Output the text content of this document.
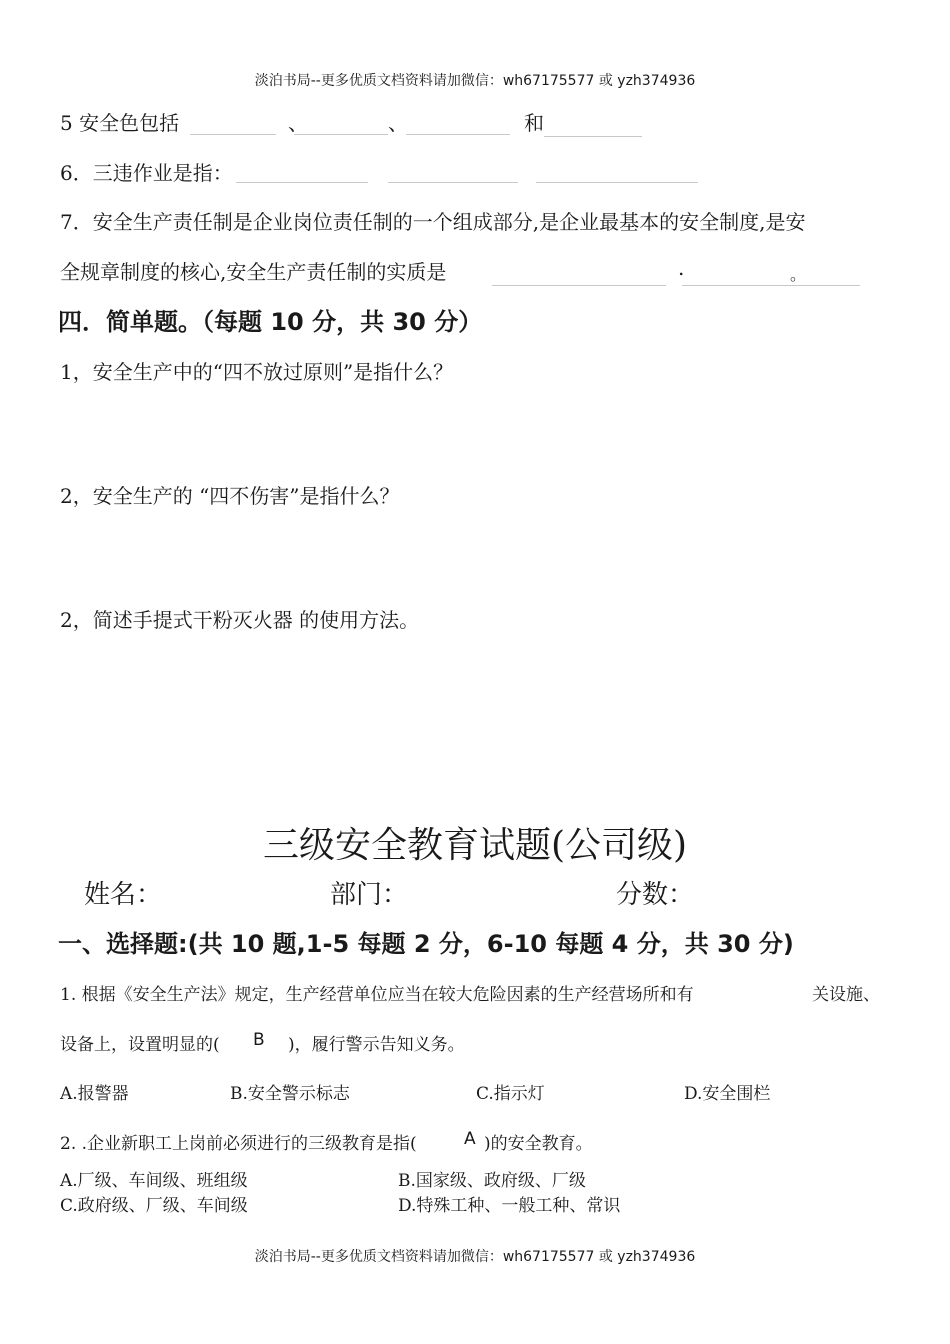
淡泊书局--更多优质文档资料请加微信：wh67175577 或 yzh374936
5 安全色包括	、	、	和
6．三违作业是指：
7．安全生产责任制是企业岗位责任制的一个组成部分,是企业最基本的安全制度,是安
全规章制度的核心,安全生产责任制的实质是	.	。
四．简单题。（每题 10 分，共 30 分）
1，安全生产中的“四不放过原则”是指什么？
2，安全生产的 “四不伤害”是指什么？
2，简述手提式干粉灭火器 的使用方法。
三级安全教育试题(公司级)
姓名：	部门：	分数：
一、选择题:(共 10 题,1-5 每题 2 分，6-10 每题 4 分，共 30 分)
1. 根据《安全生产法》规定，生产经营单位应当在较大危险因素的生产经营场所和有	关设施、
设备上，设置明显的( B )，履行警示告知义务。
A.报警器	B.安全警示标志	C.指示灯	D.安全围栏
2. .企业新职工上岗前必须进行的三级教育是指(	A )的安全教育。
A.厂级、车间级、班组级	B.国家级、政府级、厂级
C.政府级、厂级、车间级	D.特殊工种、一般工种、常识
淡泊书局--更多优质文档资料请加微信：wh67175577 或 yzh374936
